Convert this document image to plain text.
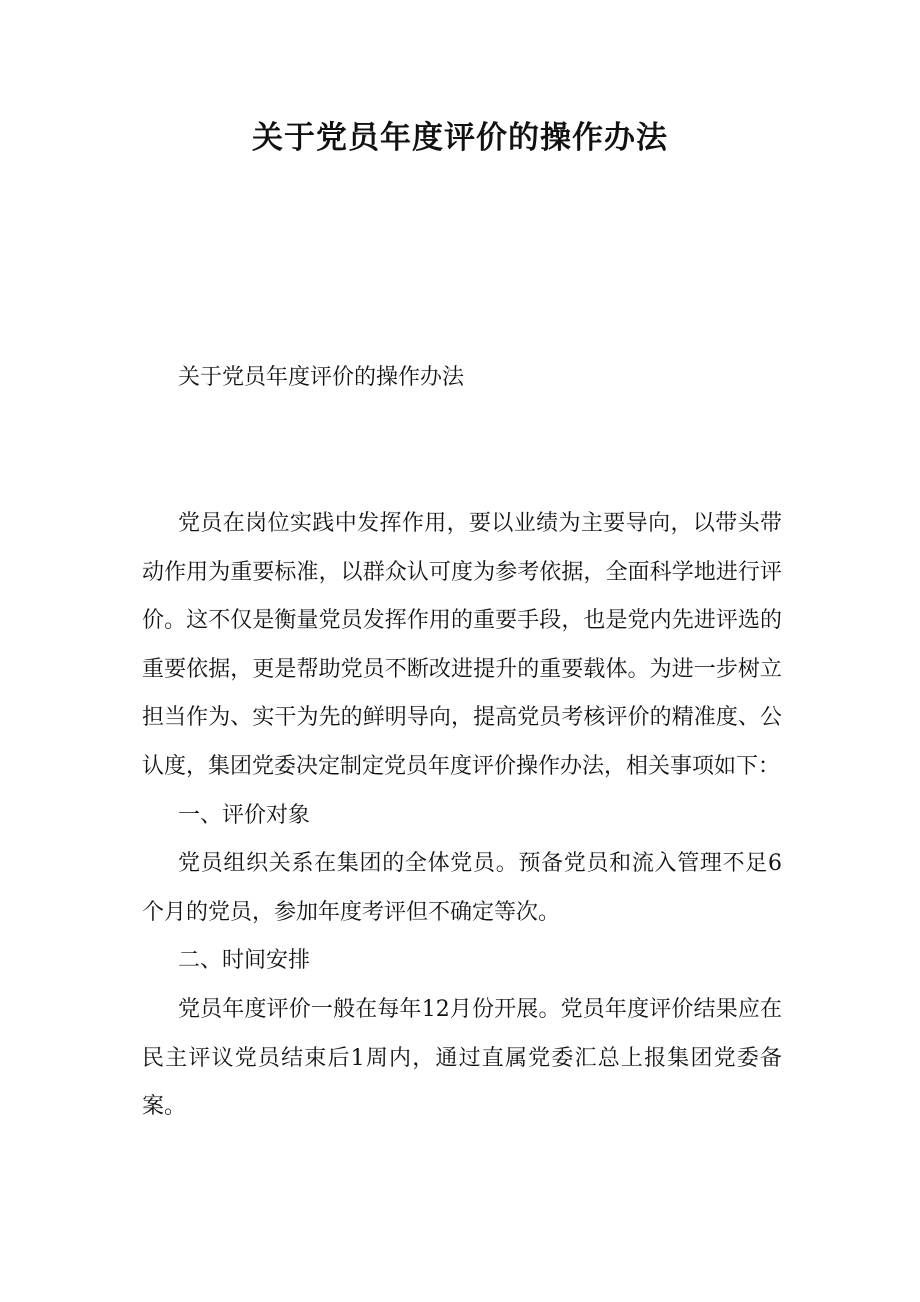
关于党员年度评价的操作办法
关于党员年度评价的操作办法

党员在岗位实践中发挥作用，要以业绩为主要导向，以带头带动作用为重要标准，以群众认可度为参考依据，全面科学地进行评价。这不仅是衡量党员发挥作用的重要手段，也是党内先进评选的重要依据，更是帮助党员不断改进提升的重要载体。为进一步树立担当作为、实干为先的鲜明导向，提高党员考核评价的精准度、公认度，集团党委决定制定党员年度评价操作办法，相关事项如下：

一、评价对象

党员组织关系在集团的全体党员。预备党员和流入管理不足6个月的党员，参加年度考评但不确定等次。

二、时间安排

党员年度评价一般在每年12月份开展。党员年度评价结果应在民主评议党员结束后1周内，通过直属党委汇总上报集团党委备案。
